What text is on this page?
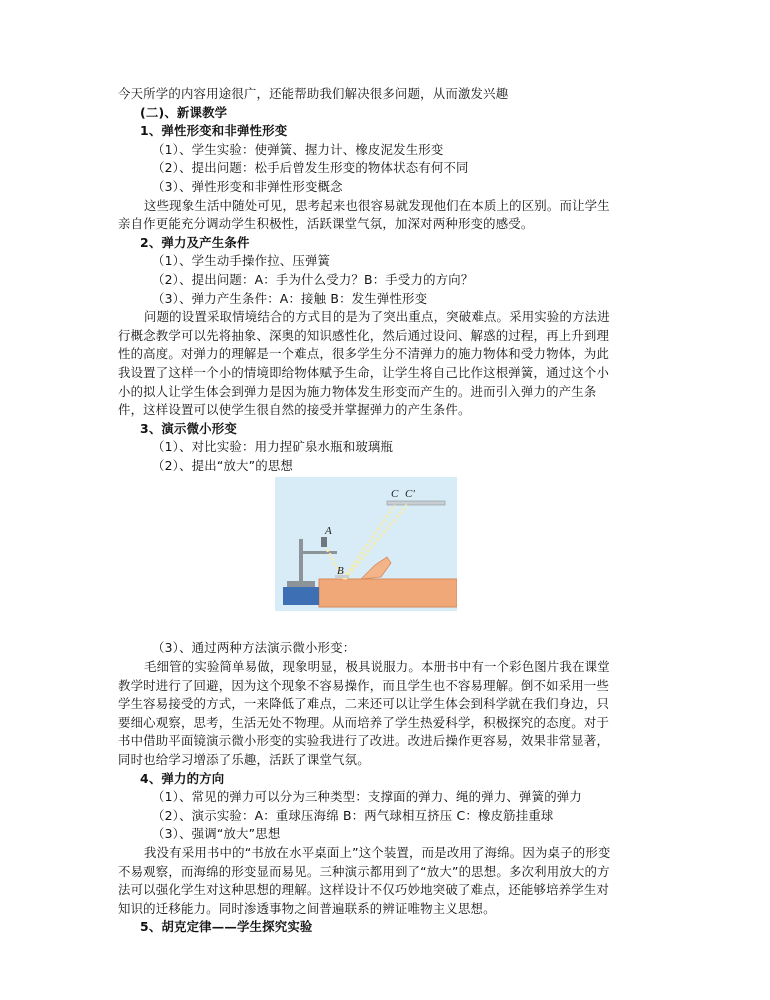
今天所学的内容用途很广，还能帮助我们解决很多问题，从而激发兴趣

(二)、新课教学

1、弹性形变和非弹性形变

（1）、学生实验：使弹簧、握力计、橡皮泥发生形变

（2）、提出问题：松手后曾发生形变的物体状态有何不同

（3）、弹性形变和非弹性形变概念

这些现象生活中随处可见，思考起来也很容易就发现他们在本质上的区别。而让学生

亲自作更能充分调动学生积极性，活跃课堂气氛，加深对两种形变的感受。

2、弹力及产生条件

（1）、学生动手操作拉、压弹簧

（2）、提出问题：A：手为什么受力？B：手受力的方向？

（3）、弹力产生条件：A：接触 B：发生弹性形变

问题的设置采取情境结合的方式目的是为了突出重点，突破难点。采用实验的方法进

行概念教学可以先将抽象、深奥的知识感性化，然后通过设问、解惑的过程，再上升到理

性的高度。对弹力的理解是一个难点，很多学生分不清弹力的施力物体和受力物体，为此

我设置了这样一个小的情境即给物体赋予生命，让学生将自己比作这根弹簧，通过这个小

小的拟人让学生体会到弹力是因为施力物体发生形变而产生的。进而引入弹力的产生条

件，这样设置可以使学生很自然的接受并掌握弹力的产生条件。

3、演示微小形变

（1）、对比实验：用力捏矿泉水瓶和玻璃瓶

（2）、提出“放大”的思想

C C′
A
B

（3）、通过两种方法演示微小形变：

毛细管的实验简单易做，现象明显，极具说服力。本册书中有一个彩色图片我在课堂

教学时进行了回避，因为这个现象不容易操作，而且学生也不容易理解。倒不如采用一些

学生容易接受的方式，一来降低了难点，二来还可以让学生体会到科学就在我们身边，只

要细心观察，思考，生活无处不物理。从而培养了学生热爱科学，积极探究的态度。对于

书中借助平面镜演示微小形变的实验我进行了改进。改进后操作更容易，效果非常显著，

同时也给学习增添了乐趣，活跃了课堂气氛。

4、弹力的方向

（1）、常见的弹力可以分为三种类型：支撑面的弹力、绳的弹力、弹簧的弹力

（2）、演示实验：A：重球压海绵 B：两气球相互挤压 C：橡皮筋挂重球

（3）、强调“放大”思想

我没有采用书中的“书放在水平桌面上”这个装置，而是改用了海绵。因为桌子的形变

不易观察，而海绵的形变显而易见。三种演示都用到了“放大”的思想。多次利用放大的方

法可以强化学生对这种思想的理解。这样设计不仅巧妙地突破了难点，还能够培养学生对

知识的迁移能力。同时渗透事物之间普遍联系的辨证唯物主义思想。

5、胡克定律——学生探究实验
